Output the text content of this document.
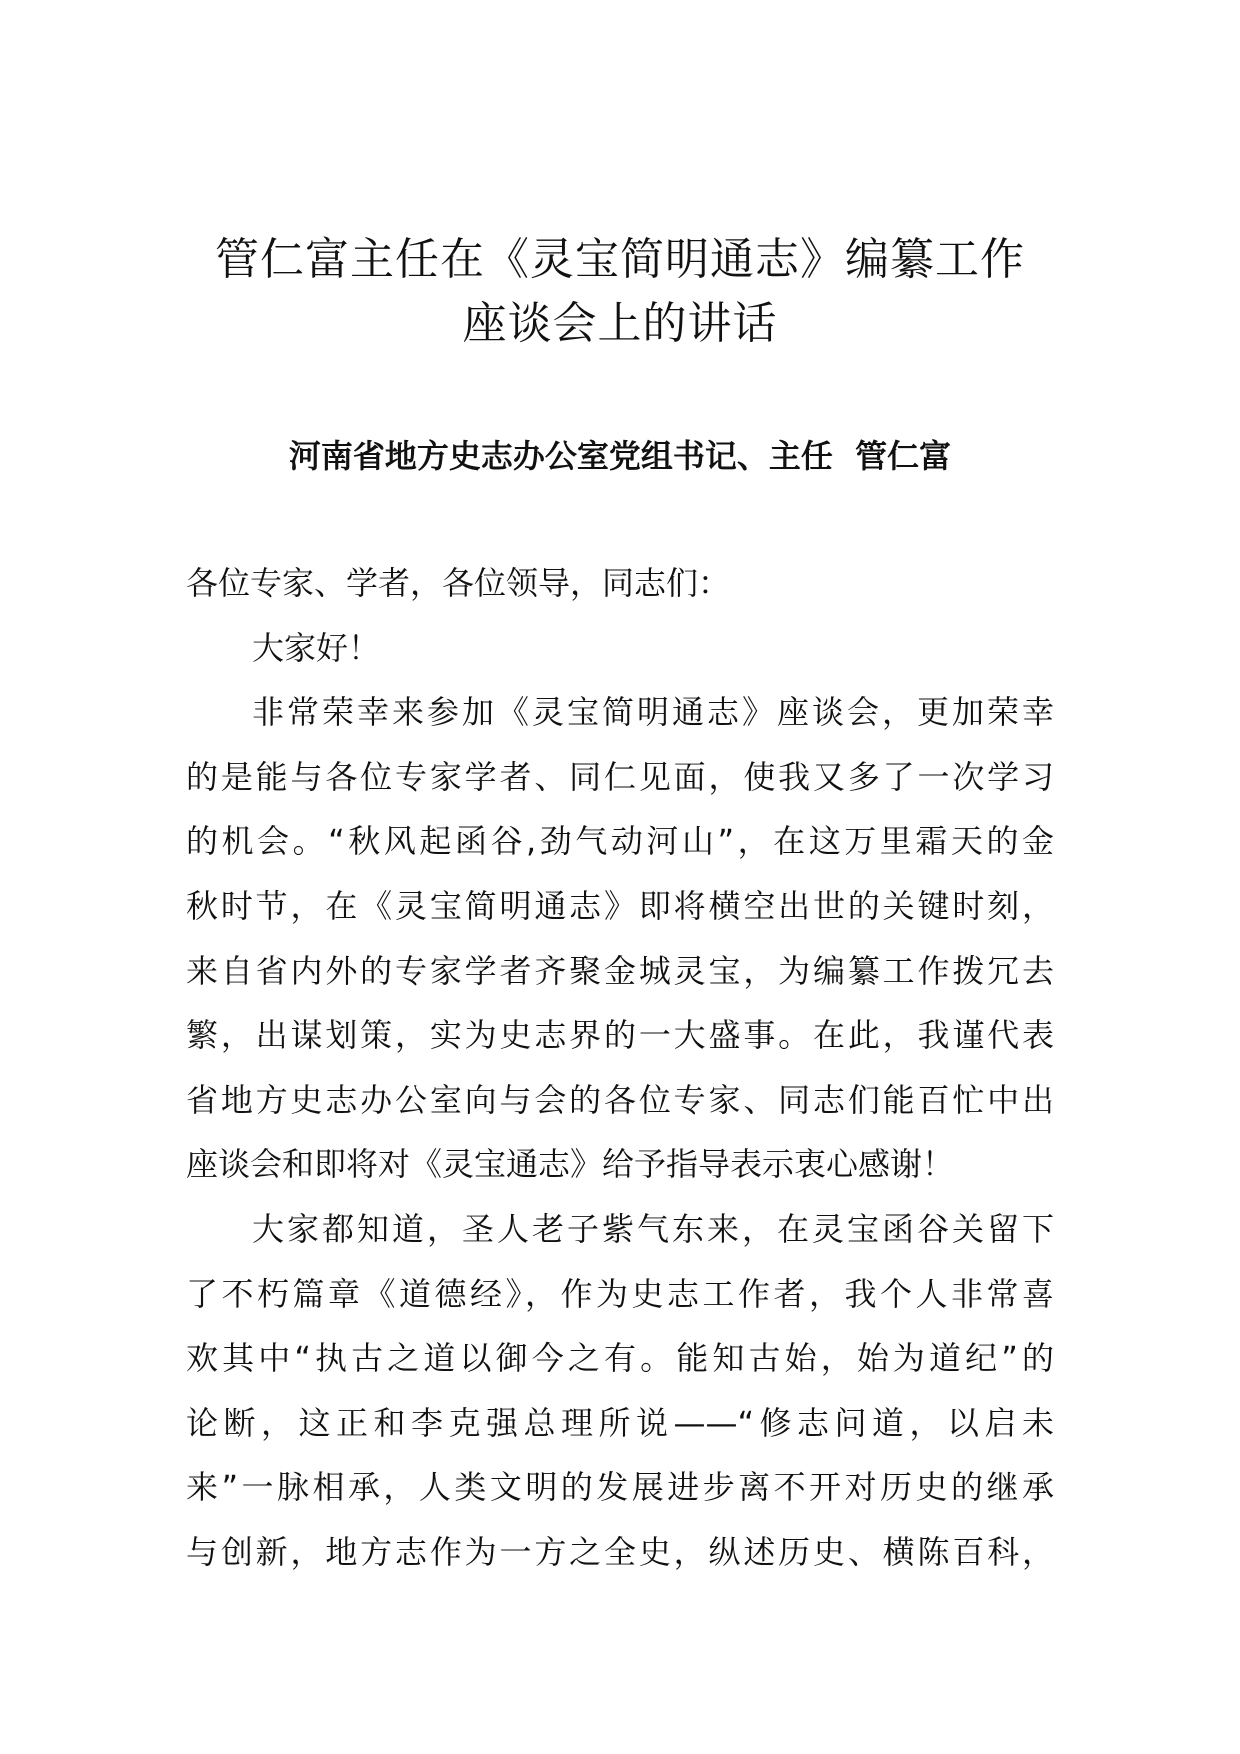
管仁富主任在《灵宝简明通志》编纂工作
座谈会上的讲话
河南省地方史志办公室党组书记、主任  管仁富
各位专家、学者，各位领导，同志们：
大家好！
非常荣幸来参加《灵宝简明通志》座谈会，更加荣幸
的是能与各位专家学者、同仁见面，使我又多了一次学习
的机会。“秋风起函谷,劲气动河山”，在这万里霜天的金
秋时节，在《灵宝简明通志》即将横空出世的关键时刻，
来自省内外的专家学者齐聚金城灵宝，为编纂工作拨冗去
繁，出谋划策，实为史志界的一大盛事。在此，我谨代表
省地方史志办公室向与会的各位专家、同志们能百忙中出
座谈会和即将对《灵宝通志》给予指导表示衷心感谢！
大家都知道，圣人老子紫气东来，在灵宝函谷关留下
了不朽篇章《道德经》，作为史志工作者，我个人非常喜
欢其中“执古之道以御今之有。能知古始，始为道纪”的
论断，这正和李克强总理所说——“修志问道，以启未
来”一脉相承，人类文明的发展进步离不开对历史的继承
与创新，地方志作为一方之全史，纵述历史、横陈百科，
